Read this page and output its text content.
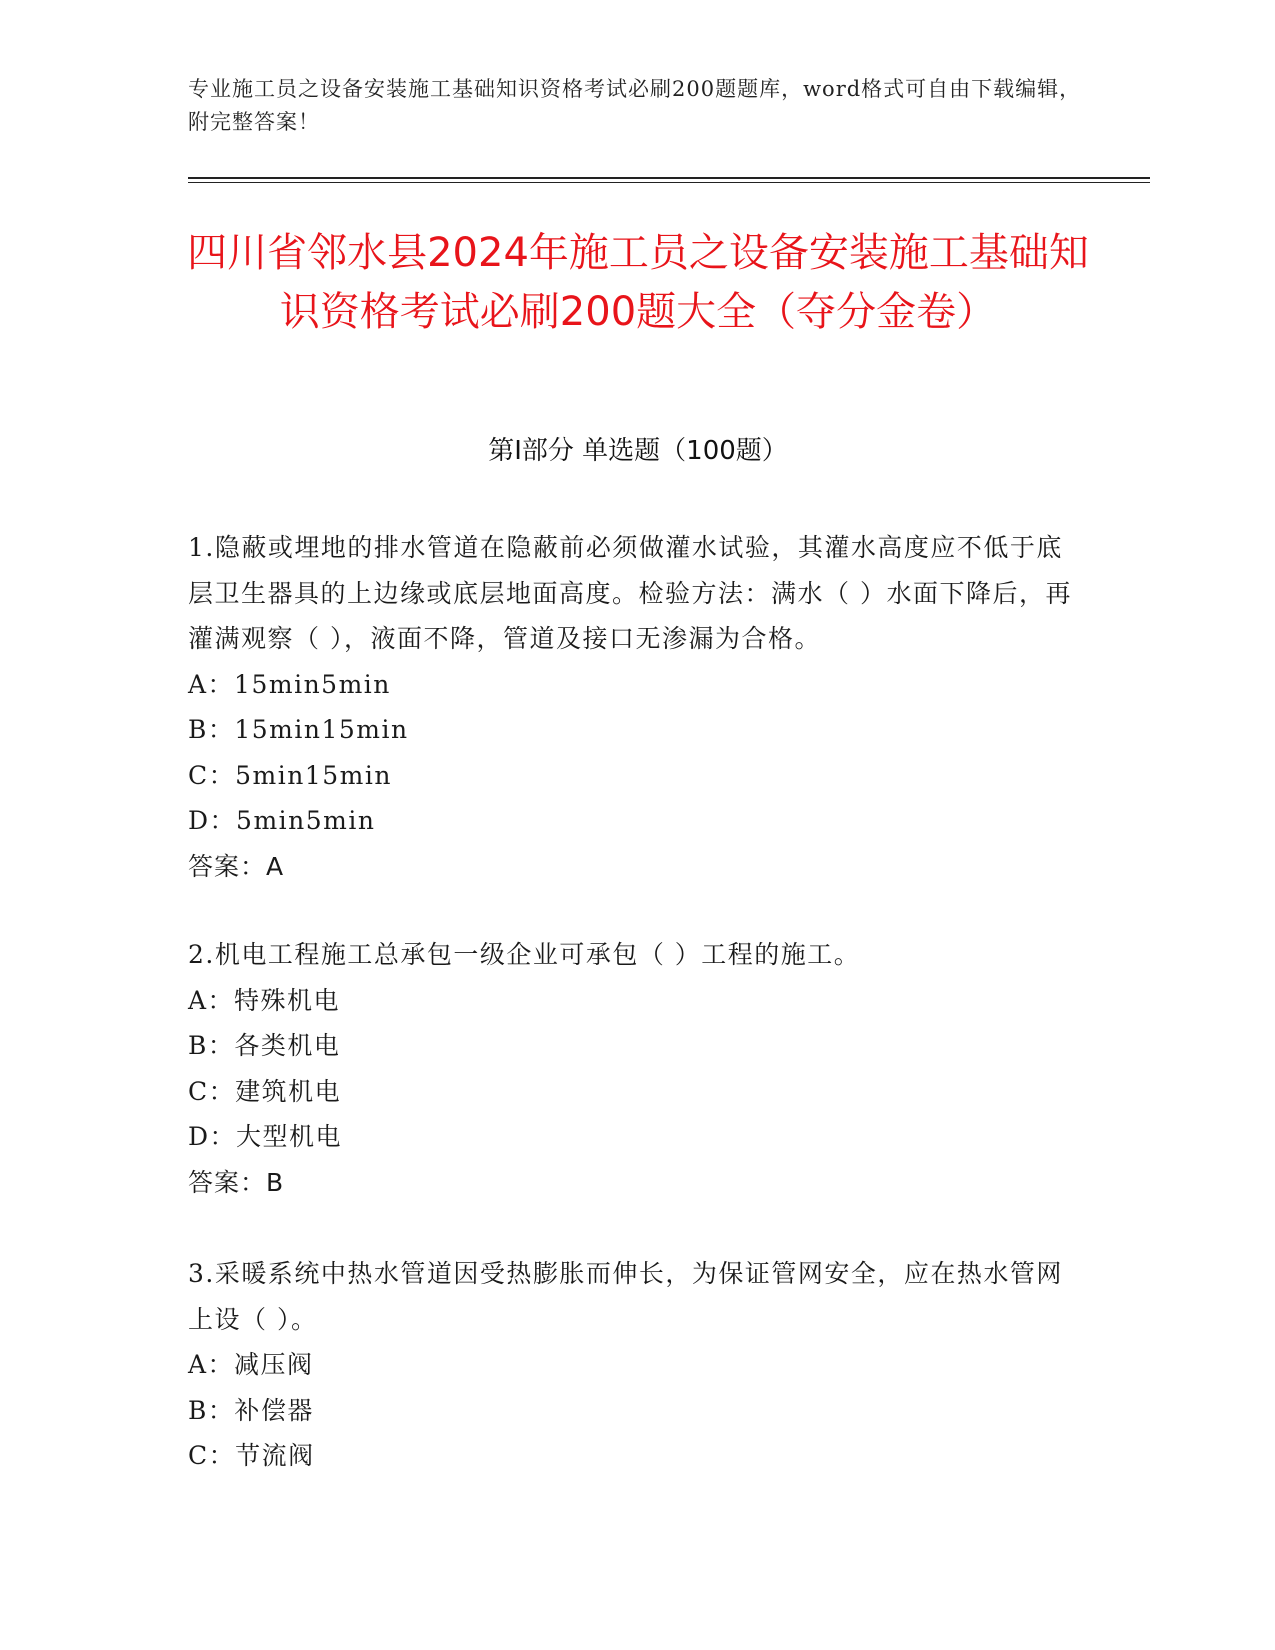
专业施工员之设备安装施工基础知识资格考试必刷200题题库，word格式可自由下载编辑，附完整答案！
四川省邻水县2024年施工员之设备安装施工基础知识资格考试必刷200题大全（夺分金卷）
第Ⅰ部分 单选题（100题）

1.隐蔽或埋地的排水管道在隐蔽前必须做灌水试验，其灌水高度应不低于底层卫生器具的上边缘或底层地面高度。检验方法：满水（ ）水面下降后，再灌满观察（ ），液面不降，管道及接口无渗漏为合格。

A：15min5min

B：15min15min

C：5min15min

D：5min5min

答案：A

2.机电工程施工总承包一级企业可承包（ ）工程的施工。

A：特殊机电

B：各类机电

C：建筑机电

D：大型机电

答案：B

3.采暖系统中热水管道因受热膨胀而伸长，为保证管网安全，应在热水管网上设（ ）。

A：减压阀

B：补偿器

C：节流阀
